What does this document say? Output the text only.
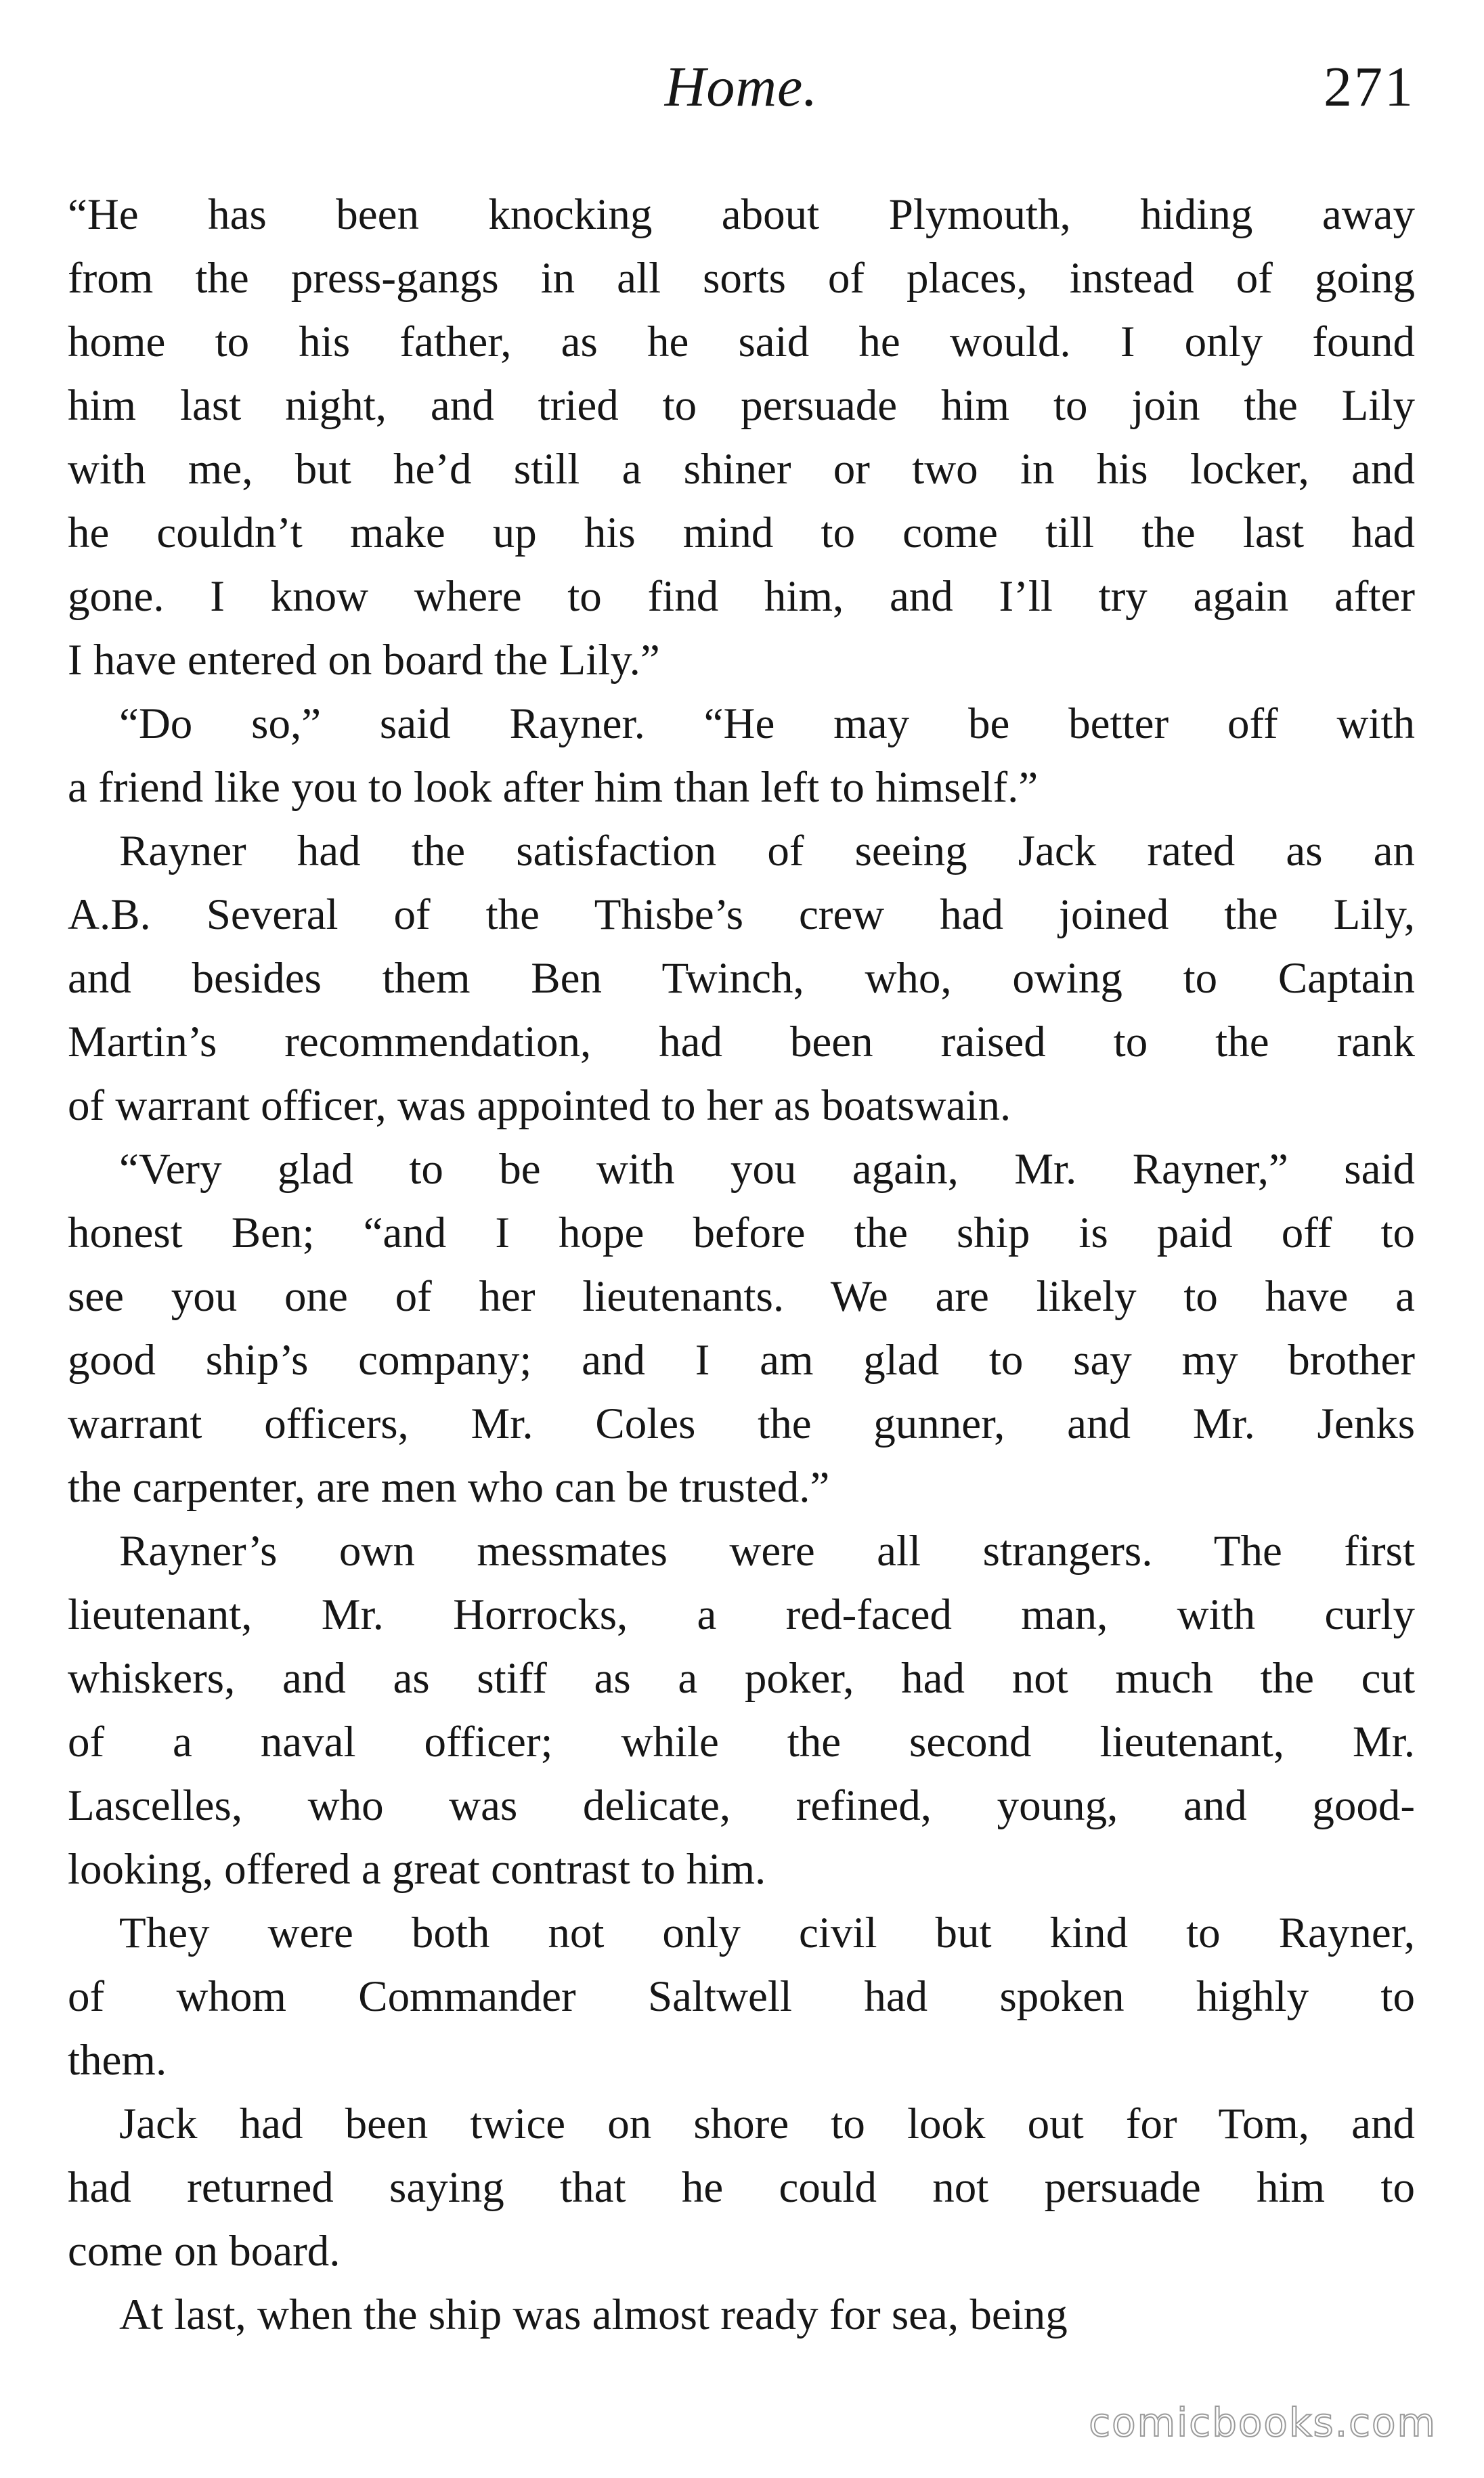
Home.	271
“He has been knocking about Plymouth, hiding away
from the press-gangs in all sorts of places, instead of going
home to his father, as he said he would. I only found
him last night, and tried to persuade him to join the Lily
with me, but he’d still a shiner or two in his locker, and
he couldn’t make up his mind to come till the last had
gone. I know where to find him, and I’ll try again after
I have entered on board the Lily.”
“Do so,” said Rayner. “He may be better off with
a friend like you to look after him than left to himself.”
Rayner had the satisfaction of seeing Jack rated as an
A.B. Several of the Thisbe’s crew had joined the Lily,
and besides them Ben Twinch, who, owing to Captain
Martin’s recommendation, had been raised to the rank
of warrant officer, was appointed to her as boatswain.
“Very glad to be with you again, Mr. Rayner,” said
honest Ben; “and I hope before the ship is paid off to
see you one of her lieutenants. We are likely to have a
good ship’s company; and I am glad to say my brother
warrant officers, Mr. Coles the gunner, and Mr. Jenks
the carpenter, are men who can be trusted.”
Rayner’s own messmates were all strangers. The first
lieutenant, Mr. Horrocks, a red-faced man, with curly
whiskers, and as stiff as a poker, had not much the cut
of a naval officer; while the second lieutenant, Mr.
Lascelles, who was delicate, refined, young, and good-
looking, offered a great contrast to him.
They were both not only civil but kind to Rayner,
of whom Commander Saltwell had spoken highly to
them.
Jack had been twice on shore to look out for Tom, and
had returned saying that he could not persuade him to
come on board.
At last, when the ship was almost ready for sea, being
comicbooks.com
